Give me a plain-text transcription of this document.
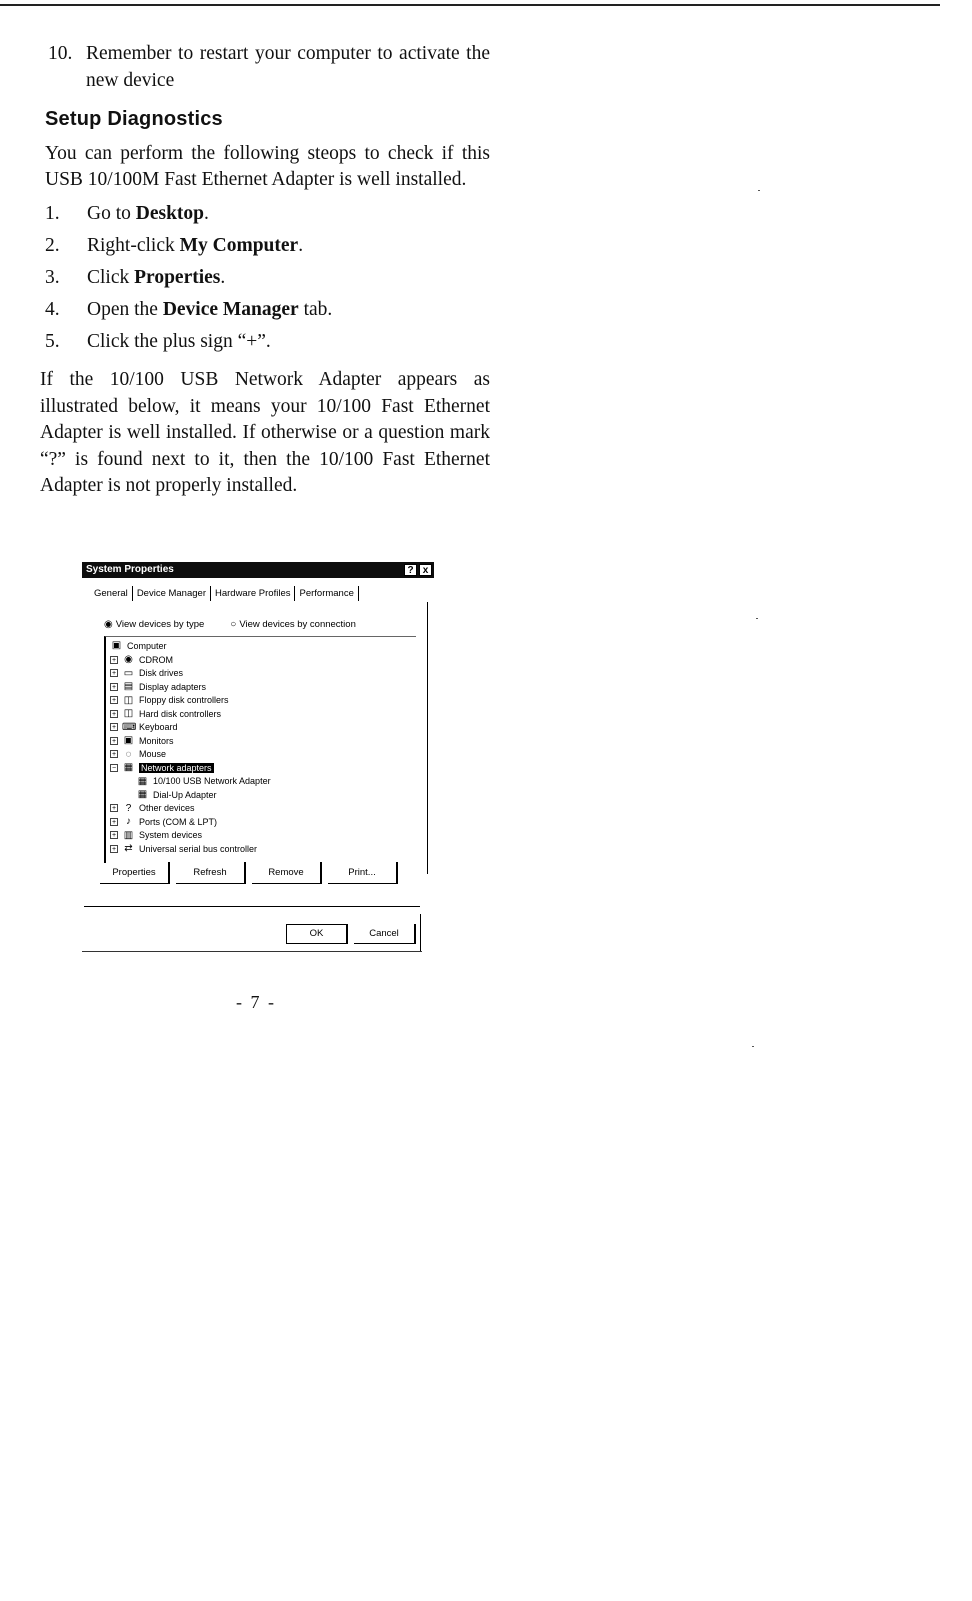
10. Remember to restart your computer to activate the new device
Setup Diagnostics

You can perform the following steops to check if this USB 10/100M Fast Ethernet Adapter is well installed.

1.	Go to Desktop.
2.	Right-click My Computer.
3.	Click Properties.
4.	Open the Device Manager tab.
5.	Click the plus sign “+”.

If the 10/100 USB Network Adapter appears as illustrated below, it means your 10/100 Fast Ethernet Adapter is well installed. If otherwise or a question mark “?” is found next to it, then the 10/100 Fast Ethernet Adapter is not properly installed.

System Properties	? x
General Device Manager Hardware Profiles Performance
◉ View devices by type	○ View devices by connection
▣ Computer
+ ◉ CDROM
+ ▭ Disk drives
+ ▤ Display adapters
+ ◫ Floppy disk controllers
+ ◫ Hard disk controllers
+ ⌨ Keyboard
+ ▣ Monitors
+ ◌ Mouse
− ▦ Network adapters
▦ 10/100 USB Network Adapter
▦ Dial-Up Adapter
+ ? Other devices
+ ♪ Ports (COM & LPT)
+ ▥ System devices
+ ⇄ Universal serial bus controller
Properties	Refresh	Remove	Print...
OK	Cancel
- 7 -
